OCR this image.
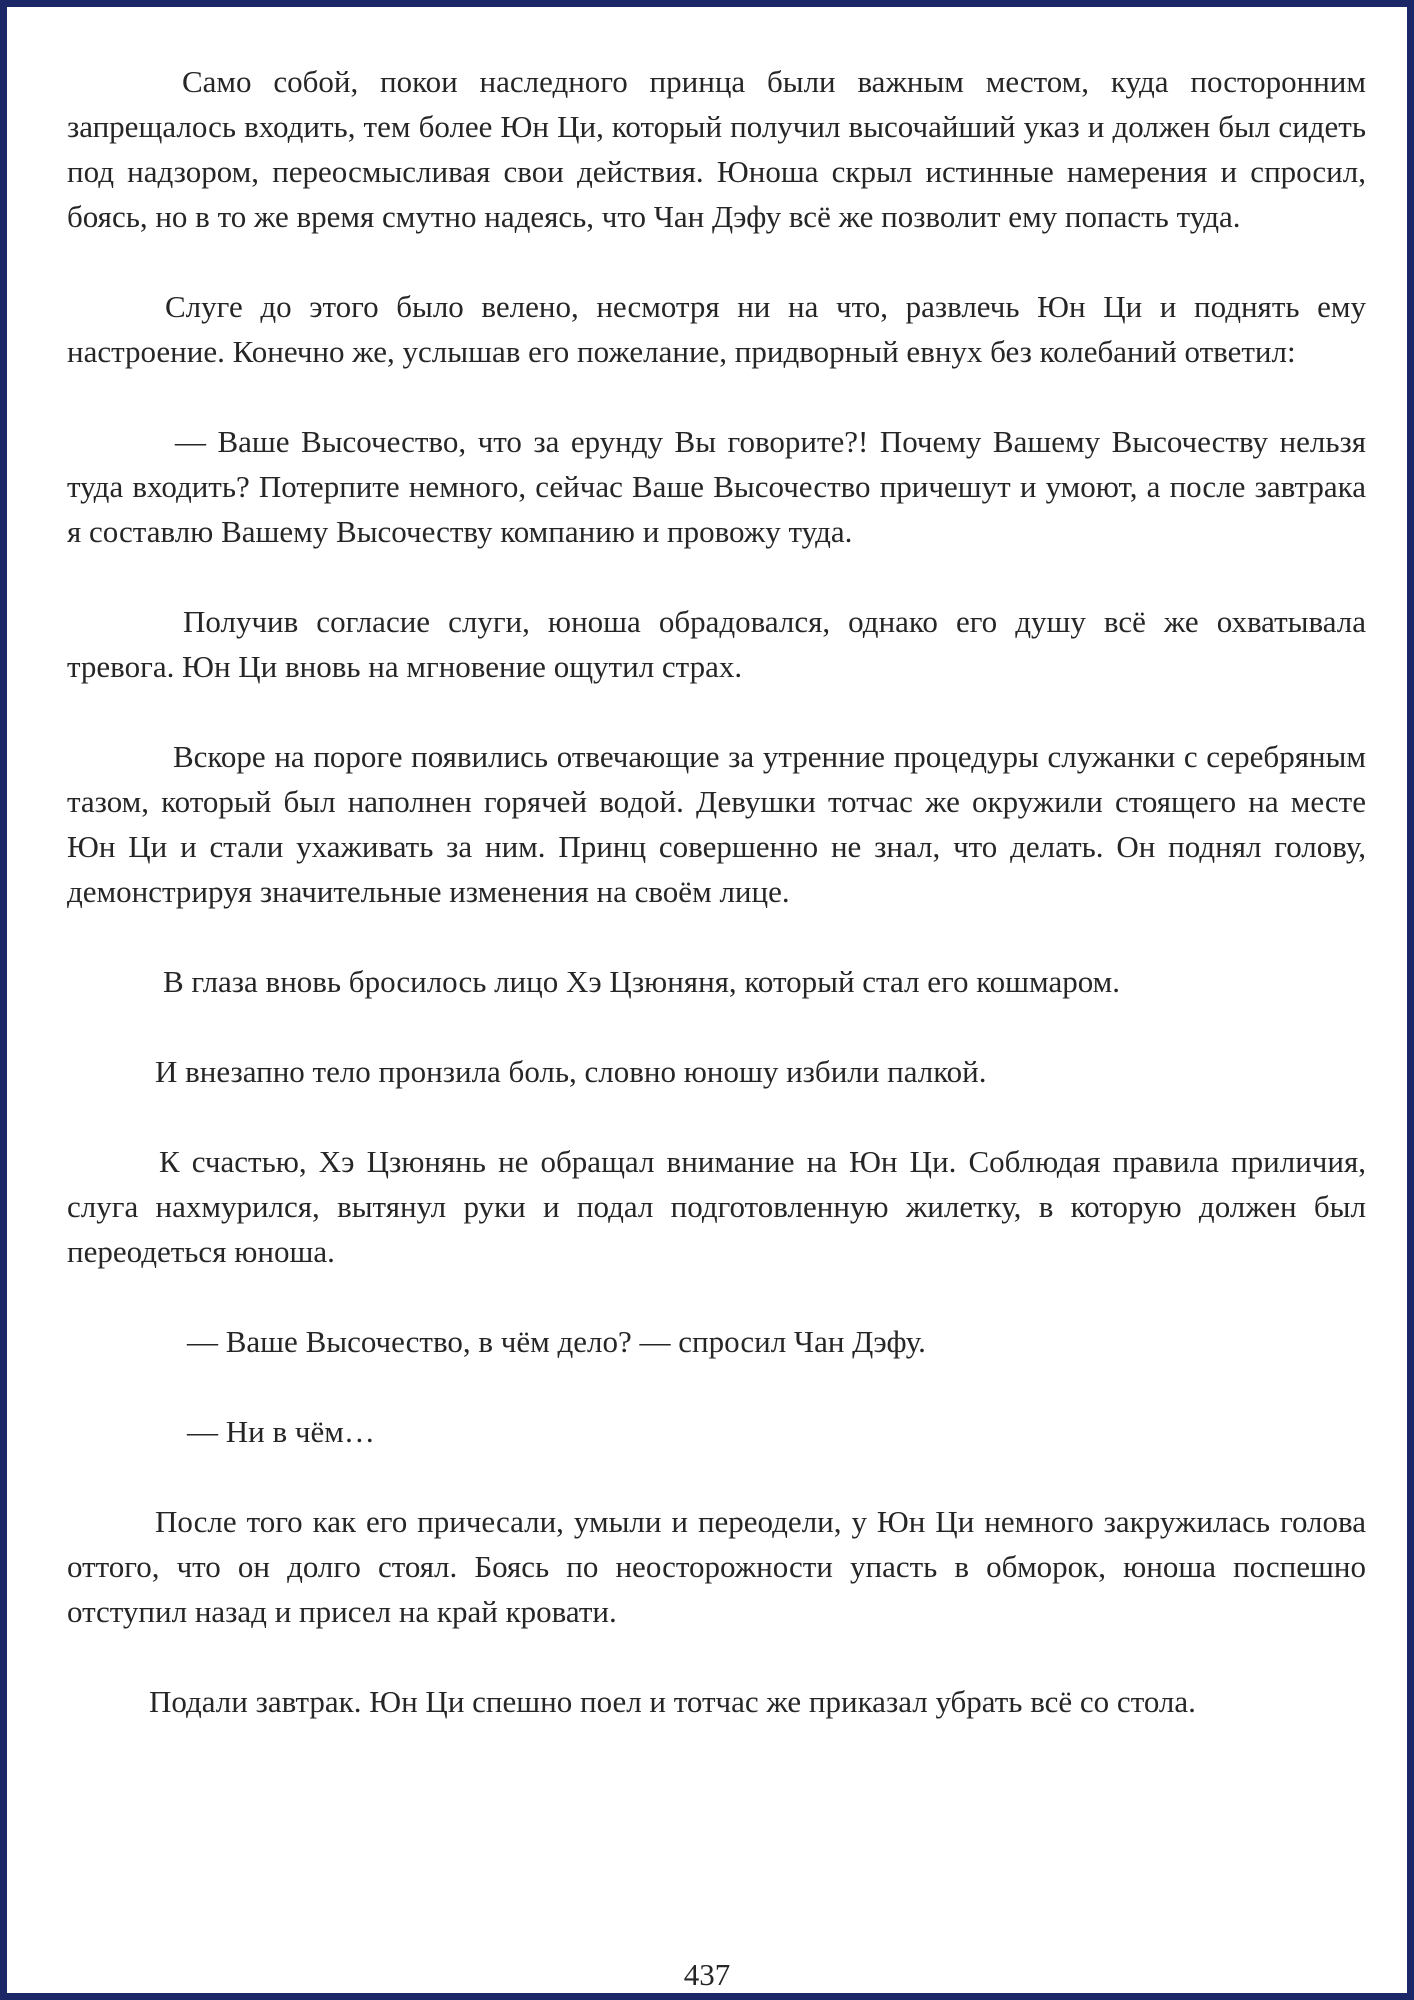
Само собой, покои наследного принца были важным местом, куда посторонним запрещалось входить, тем более Юн Ци, который получил высочайший указ и должен был сидеть под надзором, переосмысливая свои действия. Юноша скрыл истинные намерения и спросил, боясь, но в то же время смутно надеясь, что Чан Дэфу всё же позволит ему попасть туда.

Слуге до этого было велено, несмотря ни на что, развлечь Юн Ци и поднять ему настроение. Конечно же, услышав его пожелание, придворный евнух без колебаний ответил:

— Ваше Высочество, что за ерунду Вы говорите?! Почему Вашему Высочеству нельзя туда входить? Потерпите немного, сейчас Ваше Высочество причешут и умоют, а после завтрака я составлю Вашему Высочеству компанию и провожу туда.

Получив согласие слуги, юноша обрадовался, однако его душу всё же охватывала тревога. Юн Ци вновь на мгновение ощутил страх.

Вскоре на пороге появились отвечающие за утренние процедуры служанки с серебряным тазом, который был наполнен горячей водой. Девушки тотчас же окружили стоящего на месте Юн Ци и стали ухаживать за ним. Принц совершенно не знал, что делать. Он поднял голову, демонстрируя значительные изменения на своём лице.

В глаза вновь бросилось лицо Хэ Цзюняня, который стал его кошмаром.

И внезапно тело пронзила боль, словно юношу избили палкой.

К счастью, Хэ Цзюнянь не обращал внимание на Юн Ци. Соблюдая правила приличия, слуга нахмурился, вытянул руки и подал подготовленную жилетку, в которую должен был переодеться юноша.

— Ваше Высочество, в чём дело? — спросил Чан Дэфу.

— Ни в чём…

После того как его причесали, умыли и переодели, у Юн Ци немного закружилась голова оттого, что он долго стоял. Боясь по неосторожности упасть в обморок, юноша поспешно отступил назад и присел на край кровати.

Подали завтрак. Юн Ци спешно поел и тотчас же приказал убрать всё со стола.

437
